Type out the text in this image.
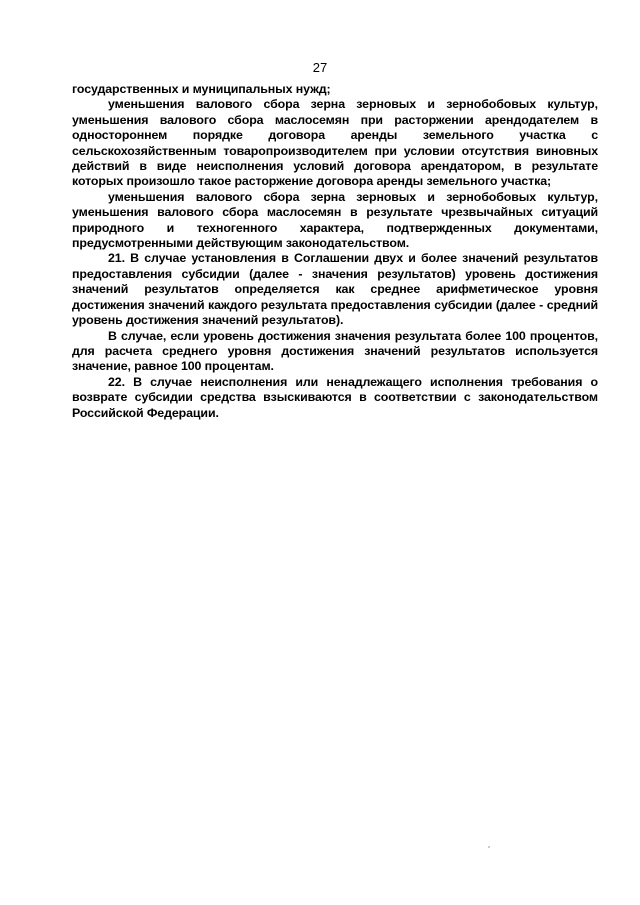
27

государственных и муниципальных нужд;

уменьшения валового сбора зерна зерновых и зернобобовых культур, уменьшения валового сбора маслосемян при расторжении арендодателем в одностороннем порядке договора аренды земельного участка с сельскохозяйственным товаропроизводителем при условии отсутствия виновных действий в виде неисполнения условий договора арендатором, в результате которых произошло такое расторжение договора аренды земельного участка;

уменьшения валового сбора зерна зерновых и зернобобовых культур, уменьшения валового сбора маслосемян в результате чрезвычайных ситуаций природного и техногенного характера, подтвержденных документами, предусмотренными действующим законодательством.

21. В случае установления в Соглашении двух и более значений результатов предоставления субсидии (далее - значения результатов) уровень достижения значений результатов определяется как среднее арифметическое уровня достижения значений каждого результата предоставления субсидии (далее - средний уровень достижения значений результатов).

В случае, если уровень достижения значения результата более 100 процентов, для расчета среднего уровня достижения значений результатов используется значение, равное 100 процентам.

22. В случае неисполнения или ненадлежащего исполнения требования о возврате субсидии средства взыскиваются в соответствии с законодательством Российской Федерации.
